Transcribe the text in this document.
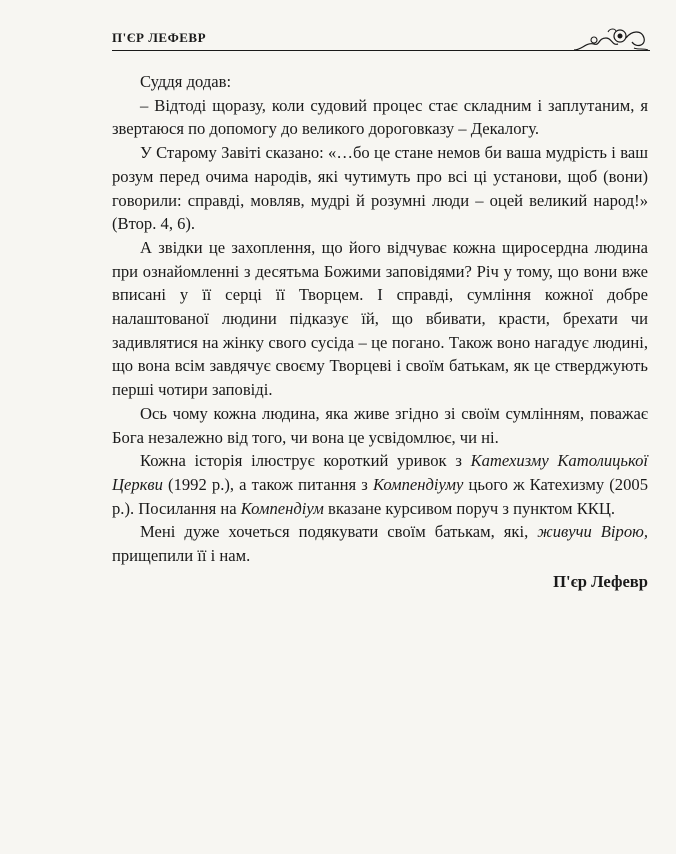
П'ЄР ЛЕФЕВР

Суддя додав:

– Відтоді щоразу, коли судовий процес стає складним і заплутаним, я звертаюся по допомогу до великого дороговказу – Декалогу.

У Старому Завіті сказано: «…бо це стане немов би ваша мудрість і ваш розум перед очима народів, які чутимуть про всі ці установи, щоб (вони) говорили: справді, мовляв, мудрі й розумні люди – оцей великий народ!» (Втор. 4, 6).

А звідки це захоплення, що його відчуває кожна щиросердна людина при ознайомленні з десятьма Божими заповідями? Річ у тому, що вони вже вписані у її серці її Творцем. І справді, сумління кожної добре налаштованої людини підказує їй, що вбивати, красти, брехати чи задивлятися на жінку свого сусіда – це погано. Також воно нагадує людині, що вона всім завдячує своєму Творцеві і своїм батькам, як це стверджують перші чотири заповіді.

Ось чому кожна людина, яка живе згідно зі своїм сумлінням, поважає Бога незалежно від того, чи вона це усвідомлює, чи ні.

Кожна історія ілюструє короткий уривок з Катехизму Католицької Церкви (1992 р.), а також питання з Компендіуму цього ж Катехизму (2005 р.). Посилання на Компендіум вказане курсивом поруч з пунктом ККЦ.

Мені дуже хочеться подякувати своїм батькам, які, живучи Вірою, прищепили її і нам.

П'єр Лефевр
